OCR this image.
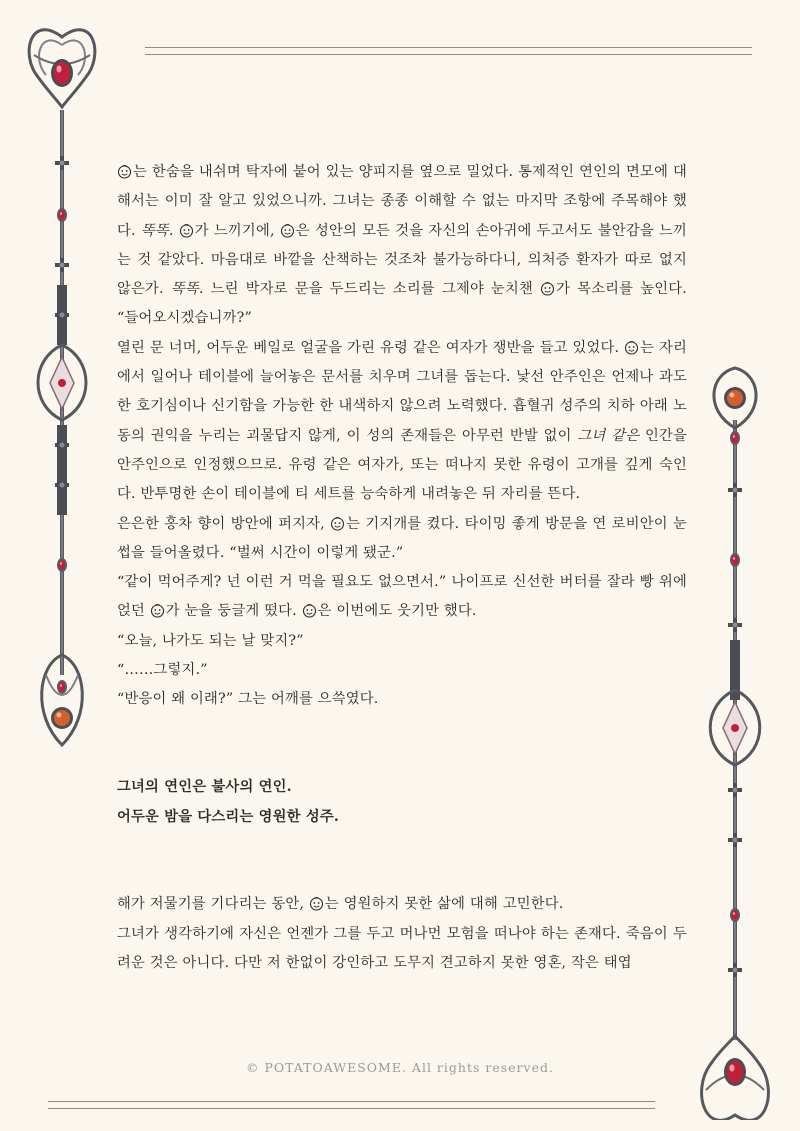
는 한숨을 내쉬며 탁자에 붙어 있는 양피지를 옆으로 밀었다. 통제적인 연인의 면모에 대해서는 이미 잘 알고 있었으니까. 그녀는 종종 이해할 수 없는 마지막 조항에 주목해야 했다. 똑똑. 가 느끼기에, 은 성안의 모든 것을 자신의 손아귀에 두고서도 불안감을 느끼는 것 같았다. 마음대로 바깥을 산책하는 것조차 불가능하다니, 의처증 환자가 따로 없지 않은가. 똑똑. 느린 박자로 문을 두드리는 소리를 그제야 눈치챈 가 목소리를 높인다. “들어오시겠습니까?”

열린 문 너머, 어두운 베일로 얼굴을 가린 유령 같은 여자가 쟁반을 들고 있었다. 는 자리에서 일어나 테이블에 늘어놓은 문서를 치우며 그녀를 돕는다. 낯선 안주인은 언제나 과도한 호기심이나 신기함을 가능한 한 내색하지 않으려 노력했다. 흡혈귀 성주의 치하 아래 노동의 권익을 누리는 괴물답지 않게, 이 성의 존재들은 아무런 반발 없이 그녀 같은 인간을 안주인으로 인정했으므로. 유령 같은 여자가, 또는 떠나지 못한 유령이 고개를 깊게 숙인다. 반투명한 손이 테이블에 티 세트를 능숙하게 내려놓은 뒤 자리를 뜬다.

은은한 홍차 향이 방안에 퍼지자, 는 기지개를 켰다. 타이밍 좋게 방문을 연 로비안이 눈썹을 들어올렸다. “벌써 시간이 이렇게 됐군.”

“같이 먹어주게? 넌 이런 거 먹을 필요도 없으면서.” 나이프로 신선한 버터를 잘라 빵 위에 얹던 가 눈을 둥글게 떴다. 은 이번에도 웃기만 했다.

“오늘, 나가도 되는 날 맞지?”

“……그렇지.”

“반응이 왜 이래?” 그는 어깨를 으쓱였다.

그녀의 연인은 불사의 연인.

어두운 밤을 다스리는 영원한 성주.

해가 저물기를 기다리는 동안, 는 영원하지 못한 삶에 대해 고민한다.

그녀가 생각하기에 자신은 언젠가 그를 두고 머나먼 모험을 떠나야 하는 존재다. 죽음이 두려운 것은 아니다. 다만 저 한없이 강인하고 도무지 견고하지 못한 영혼, 작은 태엽

© POTATOAWESOME. All rights reserved.
